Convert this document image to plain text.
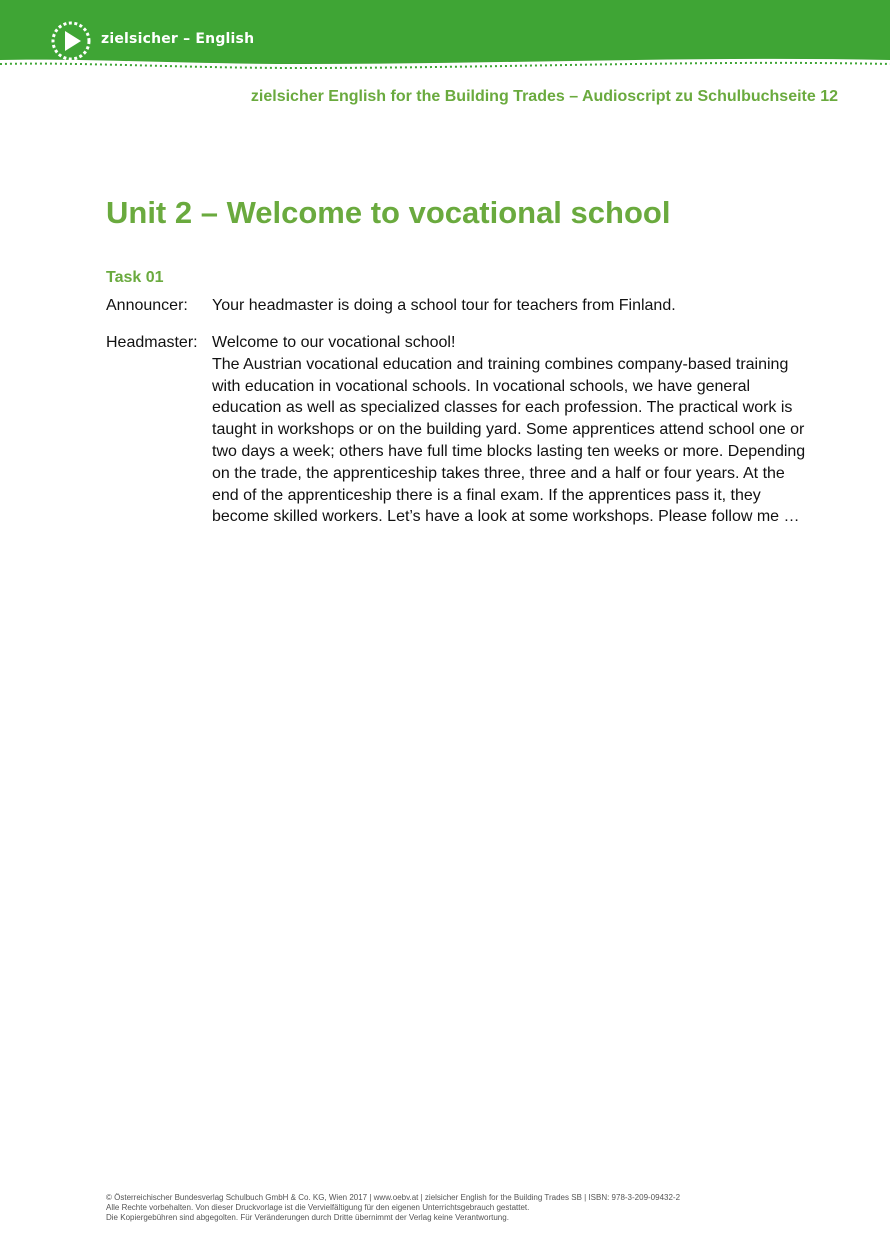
zielsicher – English
zielsicher English for the Building Trades – Audioscript zu Schulbuchseite 12
Unit 2 – Welcome to vocational school
Task 01
Announcer: Your headmaster is doing a school tour for teachers from Finland.

Headmaster: Welcome to our vocational school!

The Austrian vocational education and training combines company-based training with education in vocational schools. In vocational schools, we have general education as well as specialized classes for each profession. The practical work is taught in workshops or on the building yard. Some apprentices attend school one or two days a week; others have full time blocks lasting ten weeks or more. Depending on the trade, the apprenticeship takes three, three and a half or four years. At the end of the apprenticeship there is a final exam. If the apprentices pass it, they become skilled workers. Let’s have a look at some workshops. Please follow me …

© Österreichischer Bundesverlag Schulbuch GmbH & Co. KG, Wien 2017 | www.oebv.at | zielsicher English for the Building Trades SB | ISBN: 978-3-209-09432-2
Alle Rechte vorbehalten. Von dieser Druckvorlage ist die Vervielfältigung für den eigenen Unterrichtsgebrauch gestattet.
Die Kopiergebühren sind abgegolten. Für Veränderungen durch Dritte übernimmt der Verlag keine Verantwortung.
